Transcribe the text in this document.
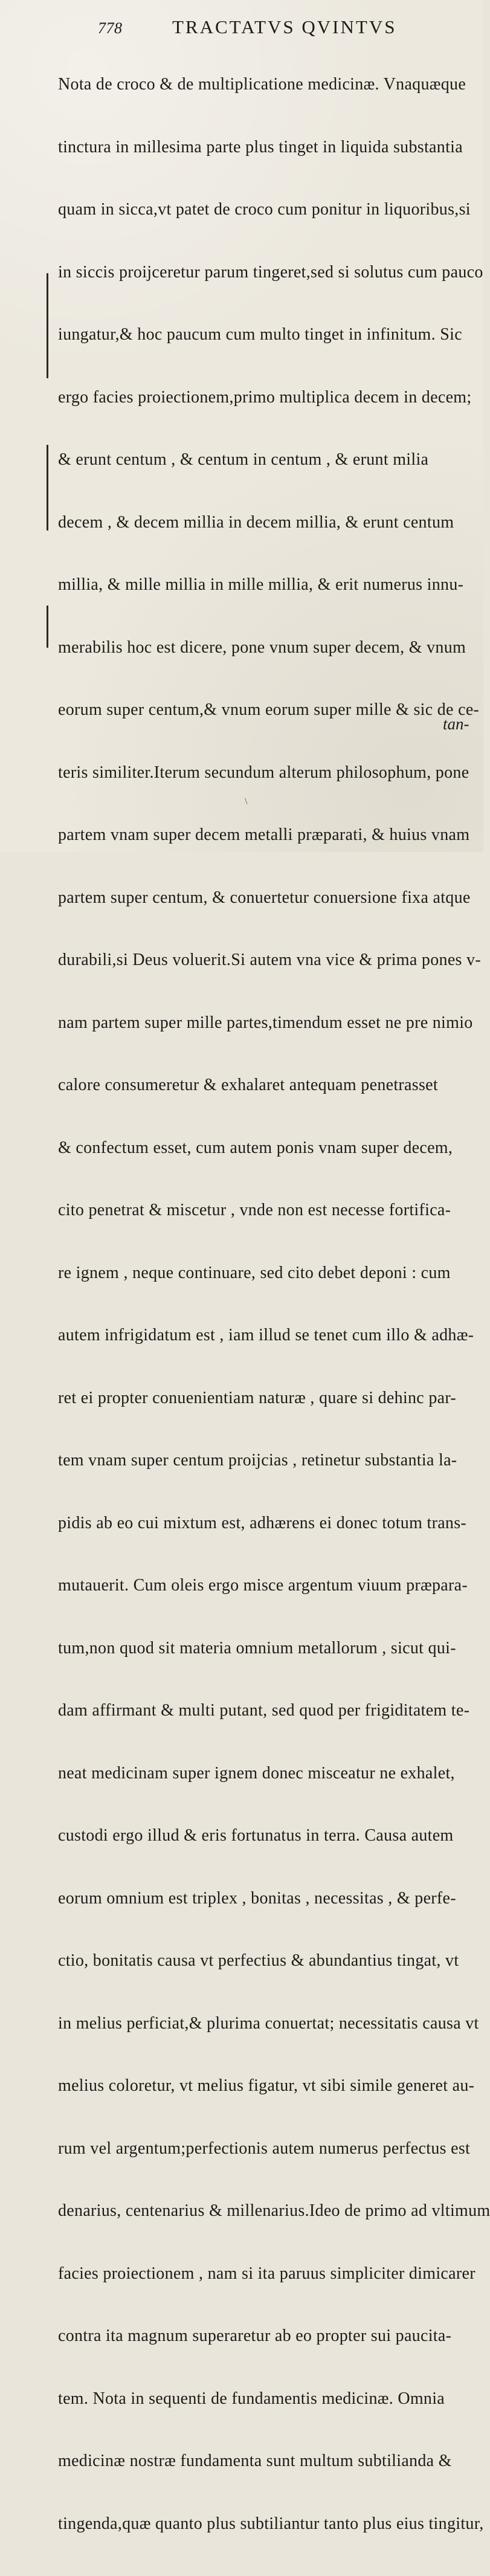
778	TRACTATVS QVINTVS

Nota de croco & de multiplicatione medicinæ. Vnaquæque

tinctura in millesima parte plus tinget in liquida substantia

quam in sicca,vt patet de croco cum ponitur in liquoribus,si

in siccis proijceretur parum tingeret,sed si solutus cum pauco

iungatur,& hoc paucum cum multo tinget in infinitum. Sic

ergo facies proiectionem,primo multiplica decem in decem;

& erunt centum , & centum in centum , & erunt milia

decem , & decem millia in decem millia, & erunt centum

millia, & mille millia in mille millia, & erit numerus innu-

merabilis hoc est dicere, pone vnum super decem, & vnum

eorum super centum,& vnum eorum super mille & sic de ce-

teris similiter.Iterum secundum alterum philosophum, pone

partem vnam super decem metalli præparati, & huius vnam

partem super centum, & conuertetur conuersione fixa atque

durabili,si Deus voluerit.Si autem vna vice & prima pones v-

nam partem super mille partes,timendum esset ne pre nimio

calore consumeretur & exhalaret antequam penetrasset

& confectum esset, cum autem ponis vnam super decem,

cito penetrat & miscetur , vnde non est necesse fortifica-

re ignem , neque continuare, sed cito debet deponi : cum

autem infrigidatum est , iam illud se tenet cum illo & adhæ-

ret ei propter conuenientiam naturæ , quare si dehinc par-

tem vnam super centum proijcias , retinetur substantia la-

pidis ab eo cui mixtum est, adhærens ei donec totum trans-

mutauerit. Cum oleis ergo misce argentum viuum præpara-

tum,non quod sit materia omnium metallorum , sicut qui-

dam affirmant & multi putant, sed quod per frigiditatem te-

neat medicinam super ignem donec misceatur ne exhalet,

custodi ergo illud & eris fortunatus in terra. Causa autem

eorum omnium est triplex , bonitas , necessitas , & perfe-

ctio, bonitatis causa vt perfectius & abundantius tingat, vt

in melius perficiat,& plurima conuertat; necessitatis causa vt

melius coloretur, vt melius figatur, vt sibi simile generet au-

rum vel argentum;perfectionis autem numerus perfectus est

denarius, centenarius & millenarius.Ideo de primo ad vltimum

facies proiectionem , nam si ita paruus simpliciter dimicarer

contra ita magnum superaretur ab eo propter sui paucita-

tem. Nota in sequenti de fundamentis medicinæ. Omnia

medicinæ nostræ fundamenta sunt multum subtilianda &

tingenda,quæ quanto plus subtiliantur tanto plus eius tingitur,

tan-
\
